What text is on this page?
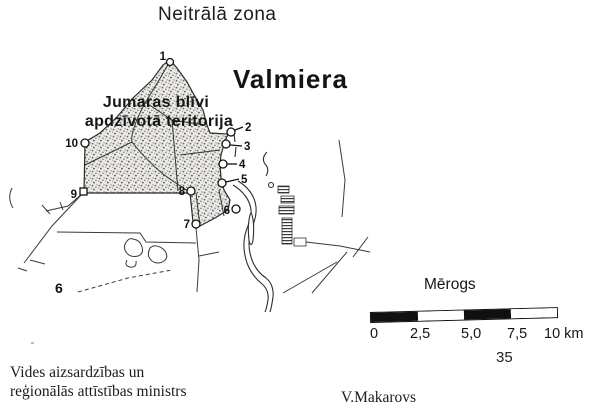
Neitrālā zona
1
2
3
4
5
6
7
8
9
10
Valmiera
Jumaras blīvi
apdzīvotā teritorija
6	Mērogs
0 2,5 5,0 7,5 10 km
35
Vides aizsardzības un
reģionālās attīstības ministrs	V.Makarovs
